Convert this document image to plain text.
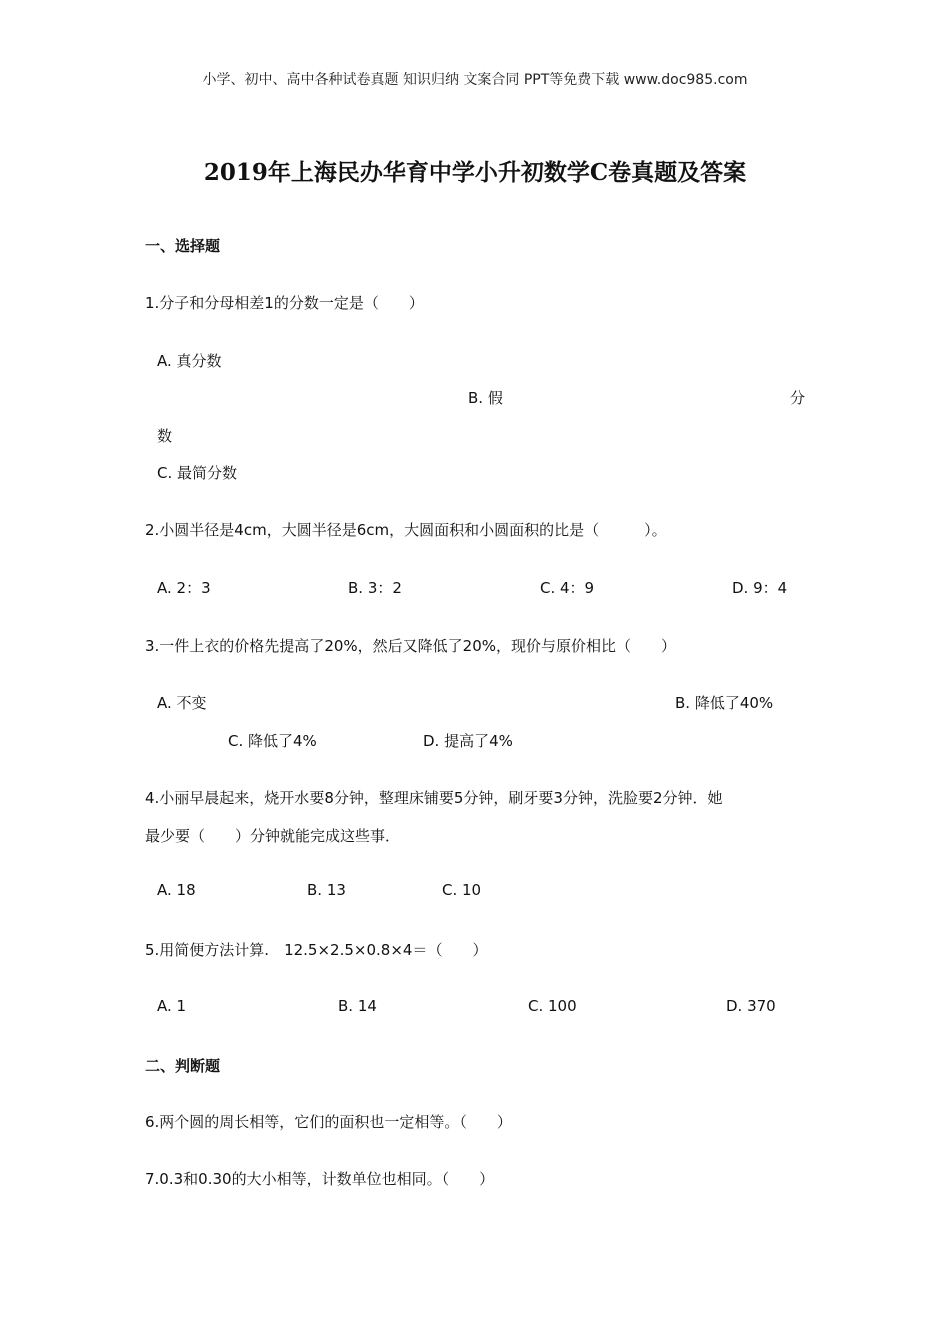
小学、初中、高中各种试卷真题 知识归纳 文案合同 PPT等免费下载 www.doc985.com
2019年上海民办华育中学小升初数学C卷真题及答案
一、选择题
1.分子和分母相差1的分数一定是（　　）
A. 真分数
B. 假	分
数
C. 最简分数
2.小圆半径是4cm，大圆半径是6cm，大圆面积和小圆面积的比是（　　　）。
A. 2：3	B. 3：2	C. 4：9	D. 9：4
3.一件上衣的价格先提高了20%，然后又降低了20%，现价与原价相比（　　）
A. 不变	B. 降低了40%
C. 降低了4%	D. 提高了4%
4.小丽早晨起来，烧开水要8分钟，整理床铺要5分钟，刷牙要3分钟，洗脸要2分钟．她
最少要（　　）分钟就能完成这些事．
A. 18	B. 13	C. 10
5.用简便方法计算.　12.5×2.5×0.8×4＝（　　）
A. 1	B. 14	C. 100	D. 370
二、判断题
6.两个圆的周长相等，它们的面积也一定相等。（　　）
7.0.3和0.30的大小相等，计数单位也相同。（　　）
